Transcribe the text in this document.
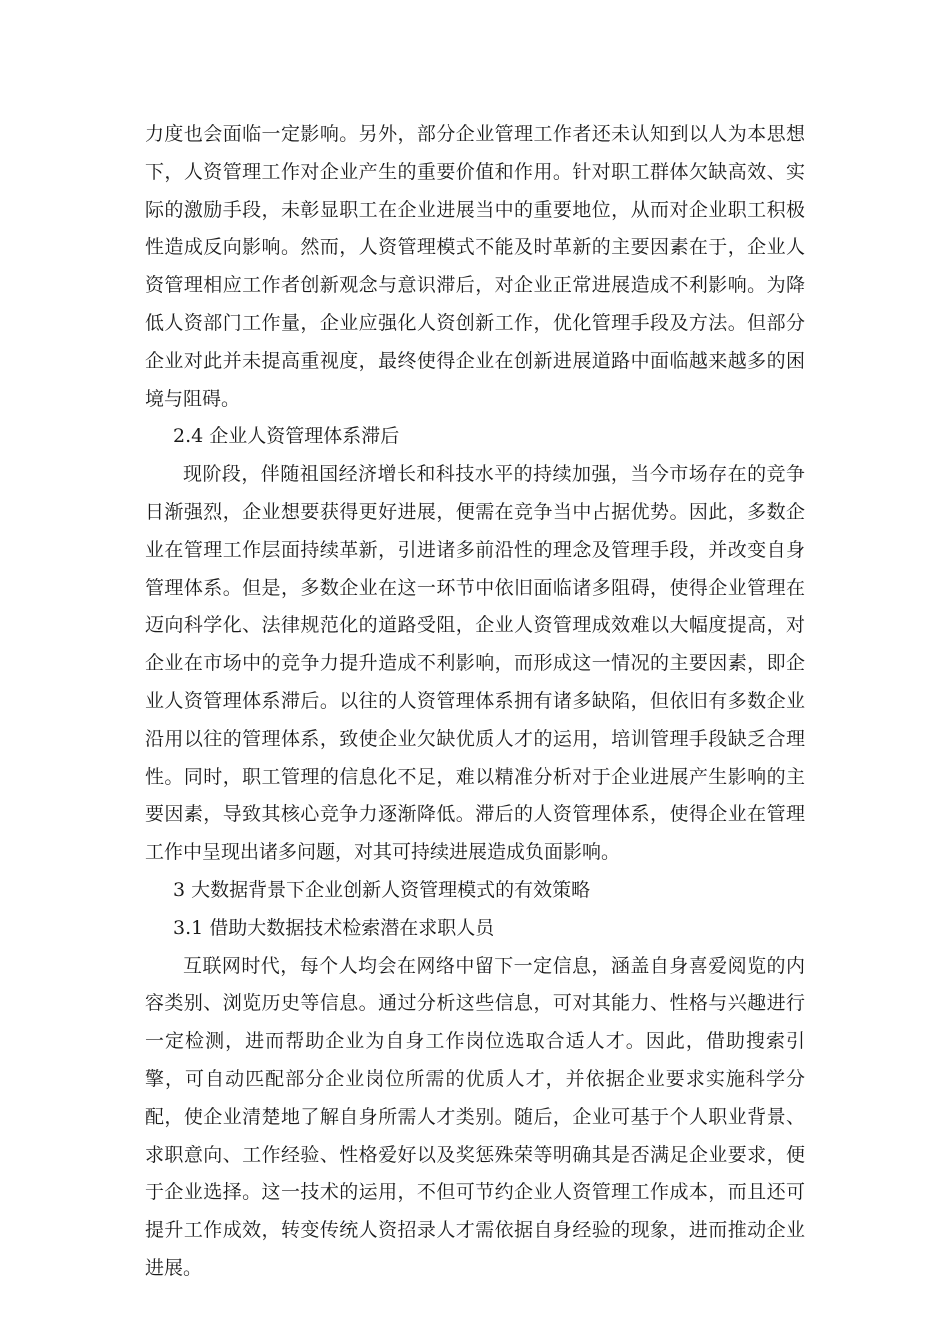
力度也会面临一定影响。另外，部分企业管理工作者还未认知到以人为本思想下，人资管理工作对企业产生的重要价值和作用。针对职工群体欠缺高效、实际的激励手段，未彰显职工在企业进展当中的重要地位，从而对企业职工积极性造成反向影响。然而，人资管理模式不能及时革新的主要因素在于，企业人资管理相应工作者创新观念与意识滞后，对企业正常进展造成不利影响。为降低人资部门工作量，企业应强化人资创新工作，优化管理手段及方法。但部分企业对此并未提高重视度，最终使得企业在创新进展道路中面临越来越多的困境与阻碍。

2.4 企业人资管理体系滞后

现阶段，伴随祖国经济增长和科技水平的持续加强，当今市场存在的竞争日渐强烈，企业想要获得更好进展，便需在竞争当中占据优势。因此，多数企业在管理工作层面持续革新，引进诸多前沿性的理念及管理手段，并改变自身管理体系。但是，多数企业在这一环节中依旧面临诸多阻碍，使得企业管理在迈向科学化、法律规范化的道路受阻，企业人资管理成效难以大幅度提高，对企业在市场中的竞争力提升造成不利影响，而形成这一情况的主要因素，即企业人资管理体系滞后。以往的人资管理体系拥有诸多缺陷，但依旧有多数企业沿用以往的管理体系，致使企业欠缺优质人才的运用，培训管理手段缺乏合理性。同时，职工管理的信息化不足，难以精准分析对于企业进展产生影响的主要因素，导致其核心竞争力逐渐降低。滞后的人资管理体系，使得企业在管理工作中呈现出诸多问题，对其可持续进展造成负面影响。

3 大数据背景下企业创新人资管理模式的有效策略

3.1 借助大数据技术检索潜在求职人员

互联网时代，每个人均会在网络中留下一定信息，涵盖自身喜爱阅览的内容类别、浏览历史等信息。通过分析这些信息，可对其能力、性格与兴趣进行一定检测，进而帮助企业为自身工作岗位选取合适人才。因此，借助搜索引擎，可自动匹配部分企业岗位所需的优质人才，并依据企业要求实施科学分配，使企业清楚地了解自身所需人才类别。随后，企业可基于个人职业背景、求职意向、工作经验、性格爱好以及奖惩殊荣等明确其是否满足企业要求，便于企业选择。这一技术的运用，不但可节约企业人资管理工作成本，而且还可提升工作成效，转变传统人资招录人才需依据自身经验的现象，进而推动企业进展。
